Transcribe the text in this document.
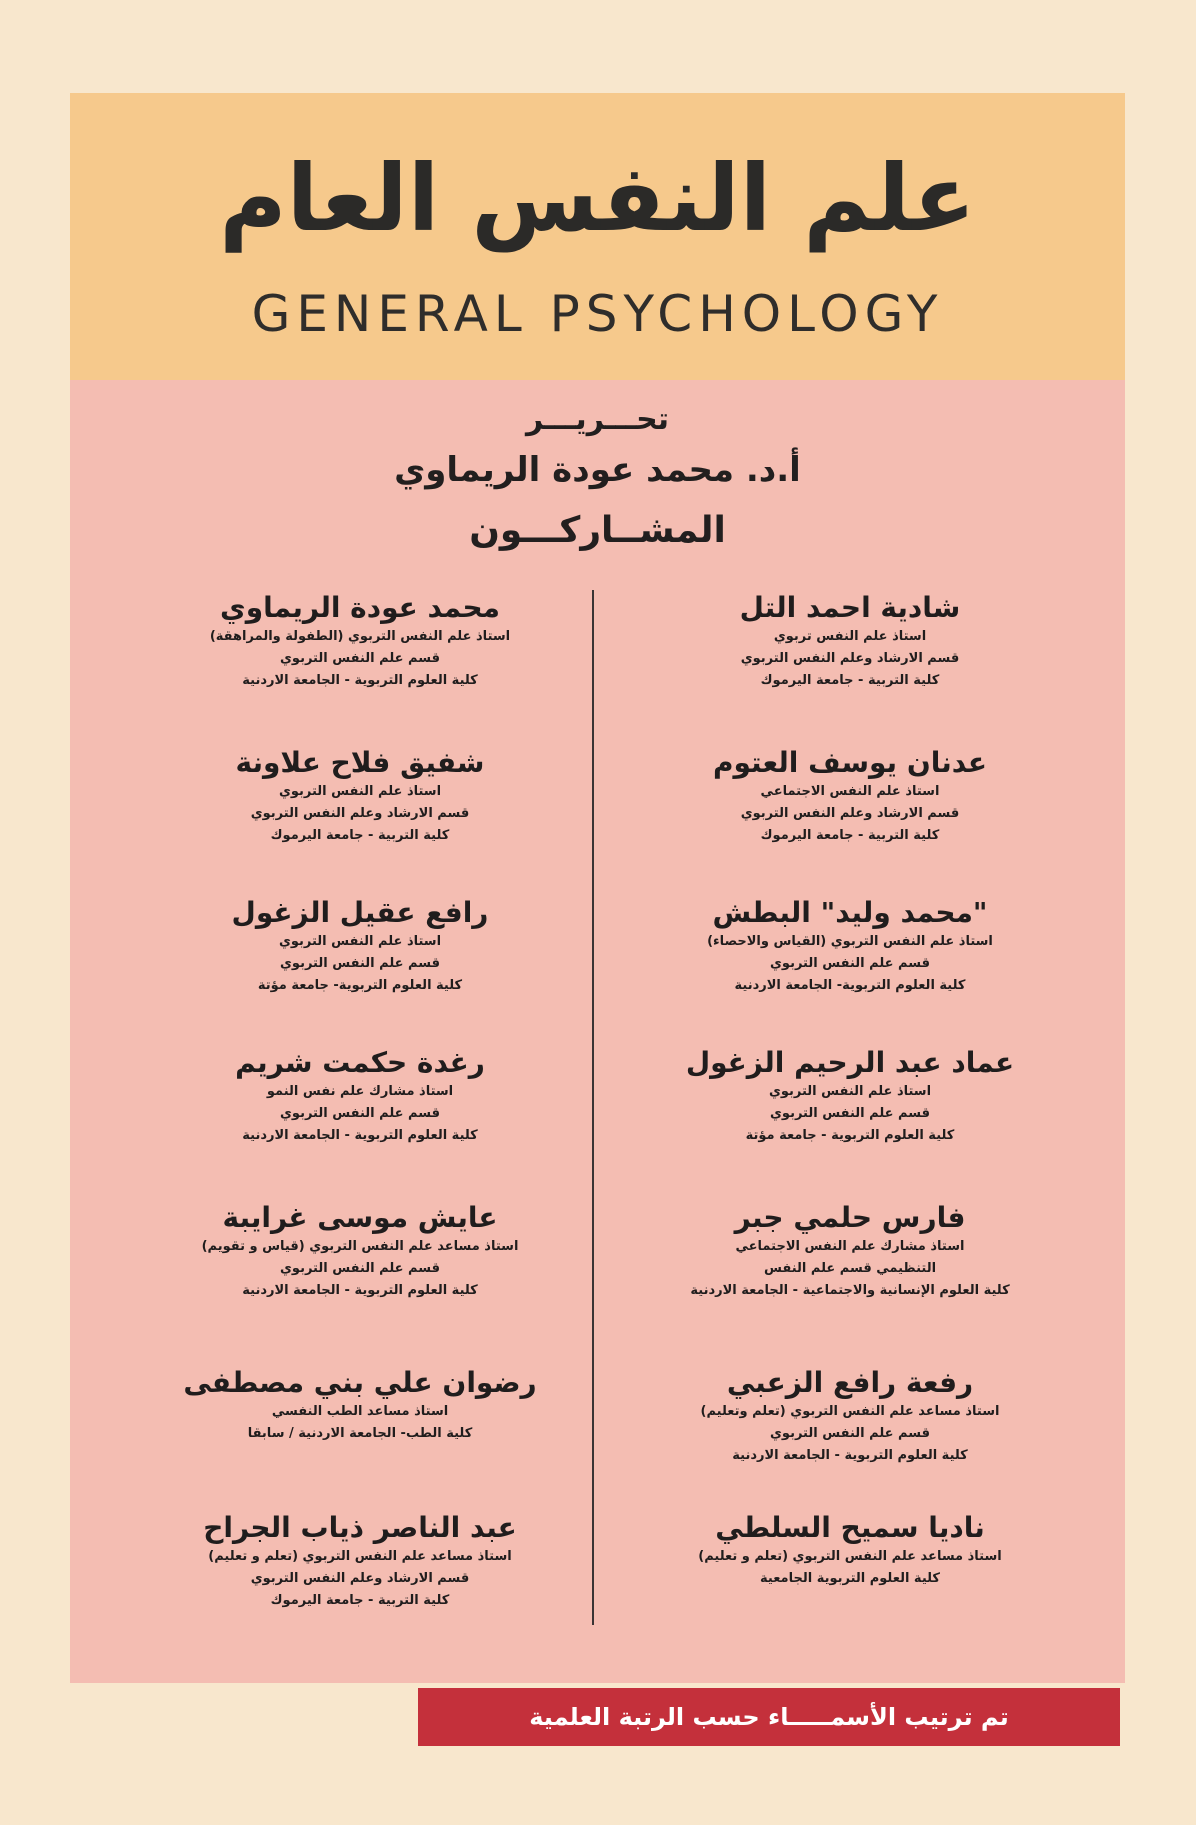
علم النفس العام
GENERAL PSYCHOLOGY
تحـــريـــر
أ.د. محمد عودة الريماوي
المشــاركـــون
شادية احمد التل
استاذ علم النفس تربوي
قسم الارشاد وعلم النفس التربوي
كلية التربية - جامعة اليرموك
عدنان يوسف العتوم
استاذ علم النفس الاجتماعي
قسم الارشاد وعلم النفس التربوي
كلية التربية - جامعة اليرموك
"محمد وليد" البطش
استاذ علم النفس التربوي (القياس والاحصاء)
قسم علم النفس التربوي
كلية العلوم التربوية- الجامعة الاردنية
عماد عبد الرحيم الزغول
استاذ علم النفس التربوي
قسم علم النفس التربوي
كلية العلوم التربوية - جامعة مؤتة
فارس حلمي جبر
استاذ مشارك علم النفس الاجتماعي
التنظيمي قسم علم النفس
كلية العلوم الإنسانية والاجتماعية - الجامعة الاردنية
رفعة رافع الزعبي
استاذ مساعد علم النفس التربوي (تعلم وتعليم)
قسم علم النفس التربوي
كلية العلوم التربوية - الجامعة الاردنية
ناديا سميح السلطي
استاذ مساعد علم النفس التربوي (تعلم و تعليم)
كلية العلوم التربوية الجامعية
محمد عودة الريماوي
استاذ علم النفس التربوي (الطفولة والمراهقة)
قسم علم النفس التربوي
كلية العلوم التربوية - الجامعة الاردنية
شفيق فلاح علاونة
استاذ علم النفس التربوي
قسم الارشاد وعلم النفس التربوي
كلية التربية - جامعة اليرموك
رافع عقيل الزغول
استاذ علم النفس التربوي
قسم علم النفس التربوي
كلية العلوم التربوية- جامعة مؤتة
رغدة حكمت شريم
استاذ مشارك علم نفس النمو
قسم علم النفس التربوي
كلية العلوم التربوية - الجامعة الاردنية
عايش موسى غرايبة
استاذ مساعد علم النفس التربوي (قياس و تقويم)
قسم علم النفس التربوي
كلية العلوم التربوية - الجامعة الاردنية
رضوان علي بني مصطفى
استاذ مساعد الطب النفسي
كلية الطب- الجامعة الاردنية / سابقا
عبد الناصر ذياب الجراح
استاذ مساعد علم النفس التربوي (تعلم و تعليم)
قسم الارشاد وعلم النفس التربوي
كلية التربية - جامعة اليرموك
تم ترتيب الأسمـــــاء حسب الرتبة العلمية
